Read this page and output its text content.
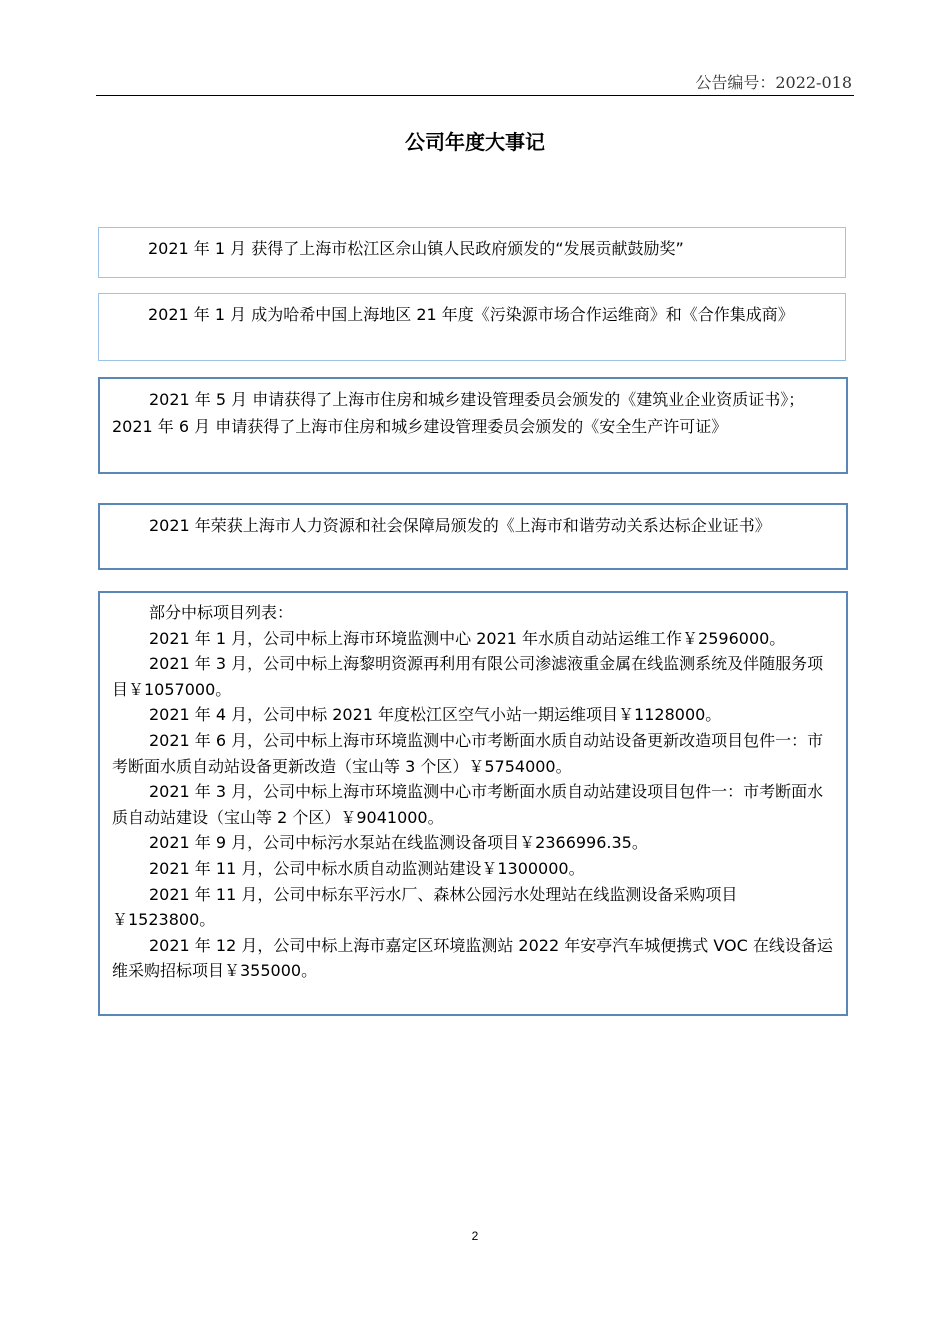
公告编号：2022-018
公司年度大事记

2021 年 1 月 获得了上海市松江区佘山镇人民政府颁发的“发展贡献鼓励奖”

2021 年 1 月 成为哈希中国上海地区 21 年度《污染源市场合作运维商》和《合作集成商》

2021 年 5 月 申请获得了上海市住房和城乡建设管理委员会颁发的《建筑业企业资质证书》； 2021 年 6 月 申请获得了上海市住房和城乡建设管理委员会颁发的《安全生产许可证》

2021 年荣获上海市人力资源和社会保障局颁发的《上海市和谐劳动关系达标企业证书》

部分中标项目列表：

2021 年 1 月，公司中标上海市环境监测中心 2021 年水质自动站运维工作￥2596000。

2021 年 3 月，公司中标上海黎明资源再利用有限公司渗滤液重金属在线监测系统及伴随服务项目￥1057000。

2021 年 4 月，公司中标 2021 年度松江区空气小站一期运维项目￥1128000。

2021 年 6 月，公司中标上海市环境监测中心市考断面水质自动站设备更新改造项目包件一：市考断面水质自动站设备更新改造（宝山等 3 个区）￥5754000。

2021 年 3 月，公司中标上海市环境监测中心市考断面水质自动站建设项目包件一：市考断面水质自动站建设（宝山等 2 个区）￥9041000。

2021 年 9 月，公司中标污水泵站在线监测设备项目￥2366996.35。

2021 年 11 月，公司中标水质自动监测站建设￥1300000。

2021 年 11 月，公司中标东平污水厂、森林公园污水处理站在线监测设备采购项目￥1523800。

2021 年 12 月，公司中标上海市嘉定区环境监测站 2022 年安亭汽车城便携式 VOC 在线设备运维采购招标项目￥355000。

2
